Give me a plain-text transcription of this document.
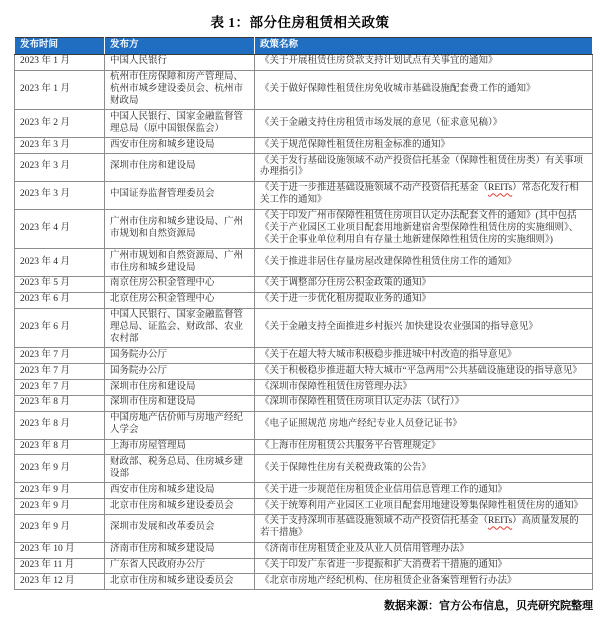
表 1：部分住房租赁相关政策
发布时间	发布方	政策名称
2023 年 1 月	中国人民银行	《关于开展租赁住房贷款支持计划试点有关事宜的通知》
2023 年 1 月	杭州市住房保障和房产管理局、杭州市城乡建设委员会、杭州市财政局	《关于做好保障性租赁住房免收城市基础设施配套费工作的通知》
2023 年 2 月	中国人民银行、国家金融监督管理总局（原中国银保监会）	《关于金融支持住房租赁市场发展的意见（征求意见稿）》
2023 年 3 月	西安市住房和城乡建设局	《关于规范保障性租赁住房租金标准的通知》
2023 年 3 月	深圳市住房和建设局	《关于发行基础设施领域不动产投资信托基金（保障性租赁住房类）有关事项办理指引》
2023 年 3 月	中国证券监督管理委员会	《关于进一步推进基础设施领域不动产投资信托基金（REITs）常态化发行相关工作的通知》
2023 年 4 月	广州市住房和城乡建设局、广州市规划和自然资源局	《关于印发广州市保障性租赁住房项目认定办法配套文件的通知》(其中包括《关于产业园区工业项目配套用地新建宿舍型保障性租赁住房的实施细则》、《关于企事业单位利用自有存量土地新建保障性租赁住房的实施细则》)
2023 年 4 月	广州市规划和自然资源局、广州市住房和城乡建设局	《关于推进非居住存量房屋改建保障性租赁住房工作的通知》
2023 年 5 月	南京住房公积金管理中心	《关于调整部分住房公积金政策的通知》
2023 年 6 月	北京住房公积金管理中心	《关于进一步优化租房提取业务的通知》
2023 年 6 月	中国人民银行、国家金融监督管理总局、证监会、财政部、农业农村部	《关于金融支持全面推进乡村振兴 加快建设农业强国的指导意见》
2023 年 7 月	国务院办公厅	《关于在超大特大城市积极稳步推进城中村改造的指导意见》
2023 年 7 月	国务院办公厅	《关于积极稳步推进超大特大城市“平急两用”公共基础设施建设的指导意见》
2023 年 7 月	深圳市住房和建设局	《深圳市保障性租赁住房管理办法》
2023 年 8 月	深圳市住房和建设局	《深圳市保障性租赁住房项目认定办法（试行）》
2023 年 8 月	中国房地产估价师与房地产经纪人学会	《电子证照规范 房地产经纪专业人员登记证书》
2023 年 8 月	上海市房屋管理局	《上海市住房租赁公共服务平台管理规定》
2023 年 9 月	财政部、税务总局、住房城乡建设部	《关于保障性住房有关税费政策的公告》
2023 年 9 月	西安市住房和城乡建设局	《关于进一步规范住房租赁企业信用信息管理工作的通知》
2023 年 9 月	北京市住房和城乡建设委员会	《关于统筹利用产业园区工业项目配套用地建设筹集保障性租赁住房的通知》
2023 年 9 月	深圳市发展和改革委员会	《关于支持深圳市基础设施领域不动产投资信托基金（REITs）高质量发展的若干措施》
2023 年 10 月	济南市住房和城乡建设局	《济南市住房租赁企业及从业人员信用管理办法》
2023 年 11 月	广东省人民政府办公厅	《关于印发广东省进一步提振和扩大消费若干措施的通知》
2023 年 12 月	北京市住房和城乡建设委员会	《北京市房地产经纪机构、住房租赁企业备案管理暂行办法》
数据来源：官方公布信息，贝壳研究院整理
